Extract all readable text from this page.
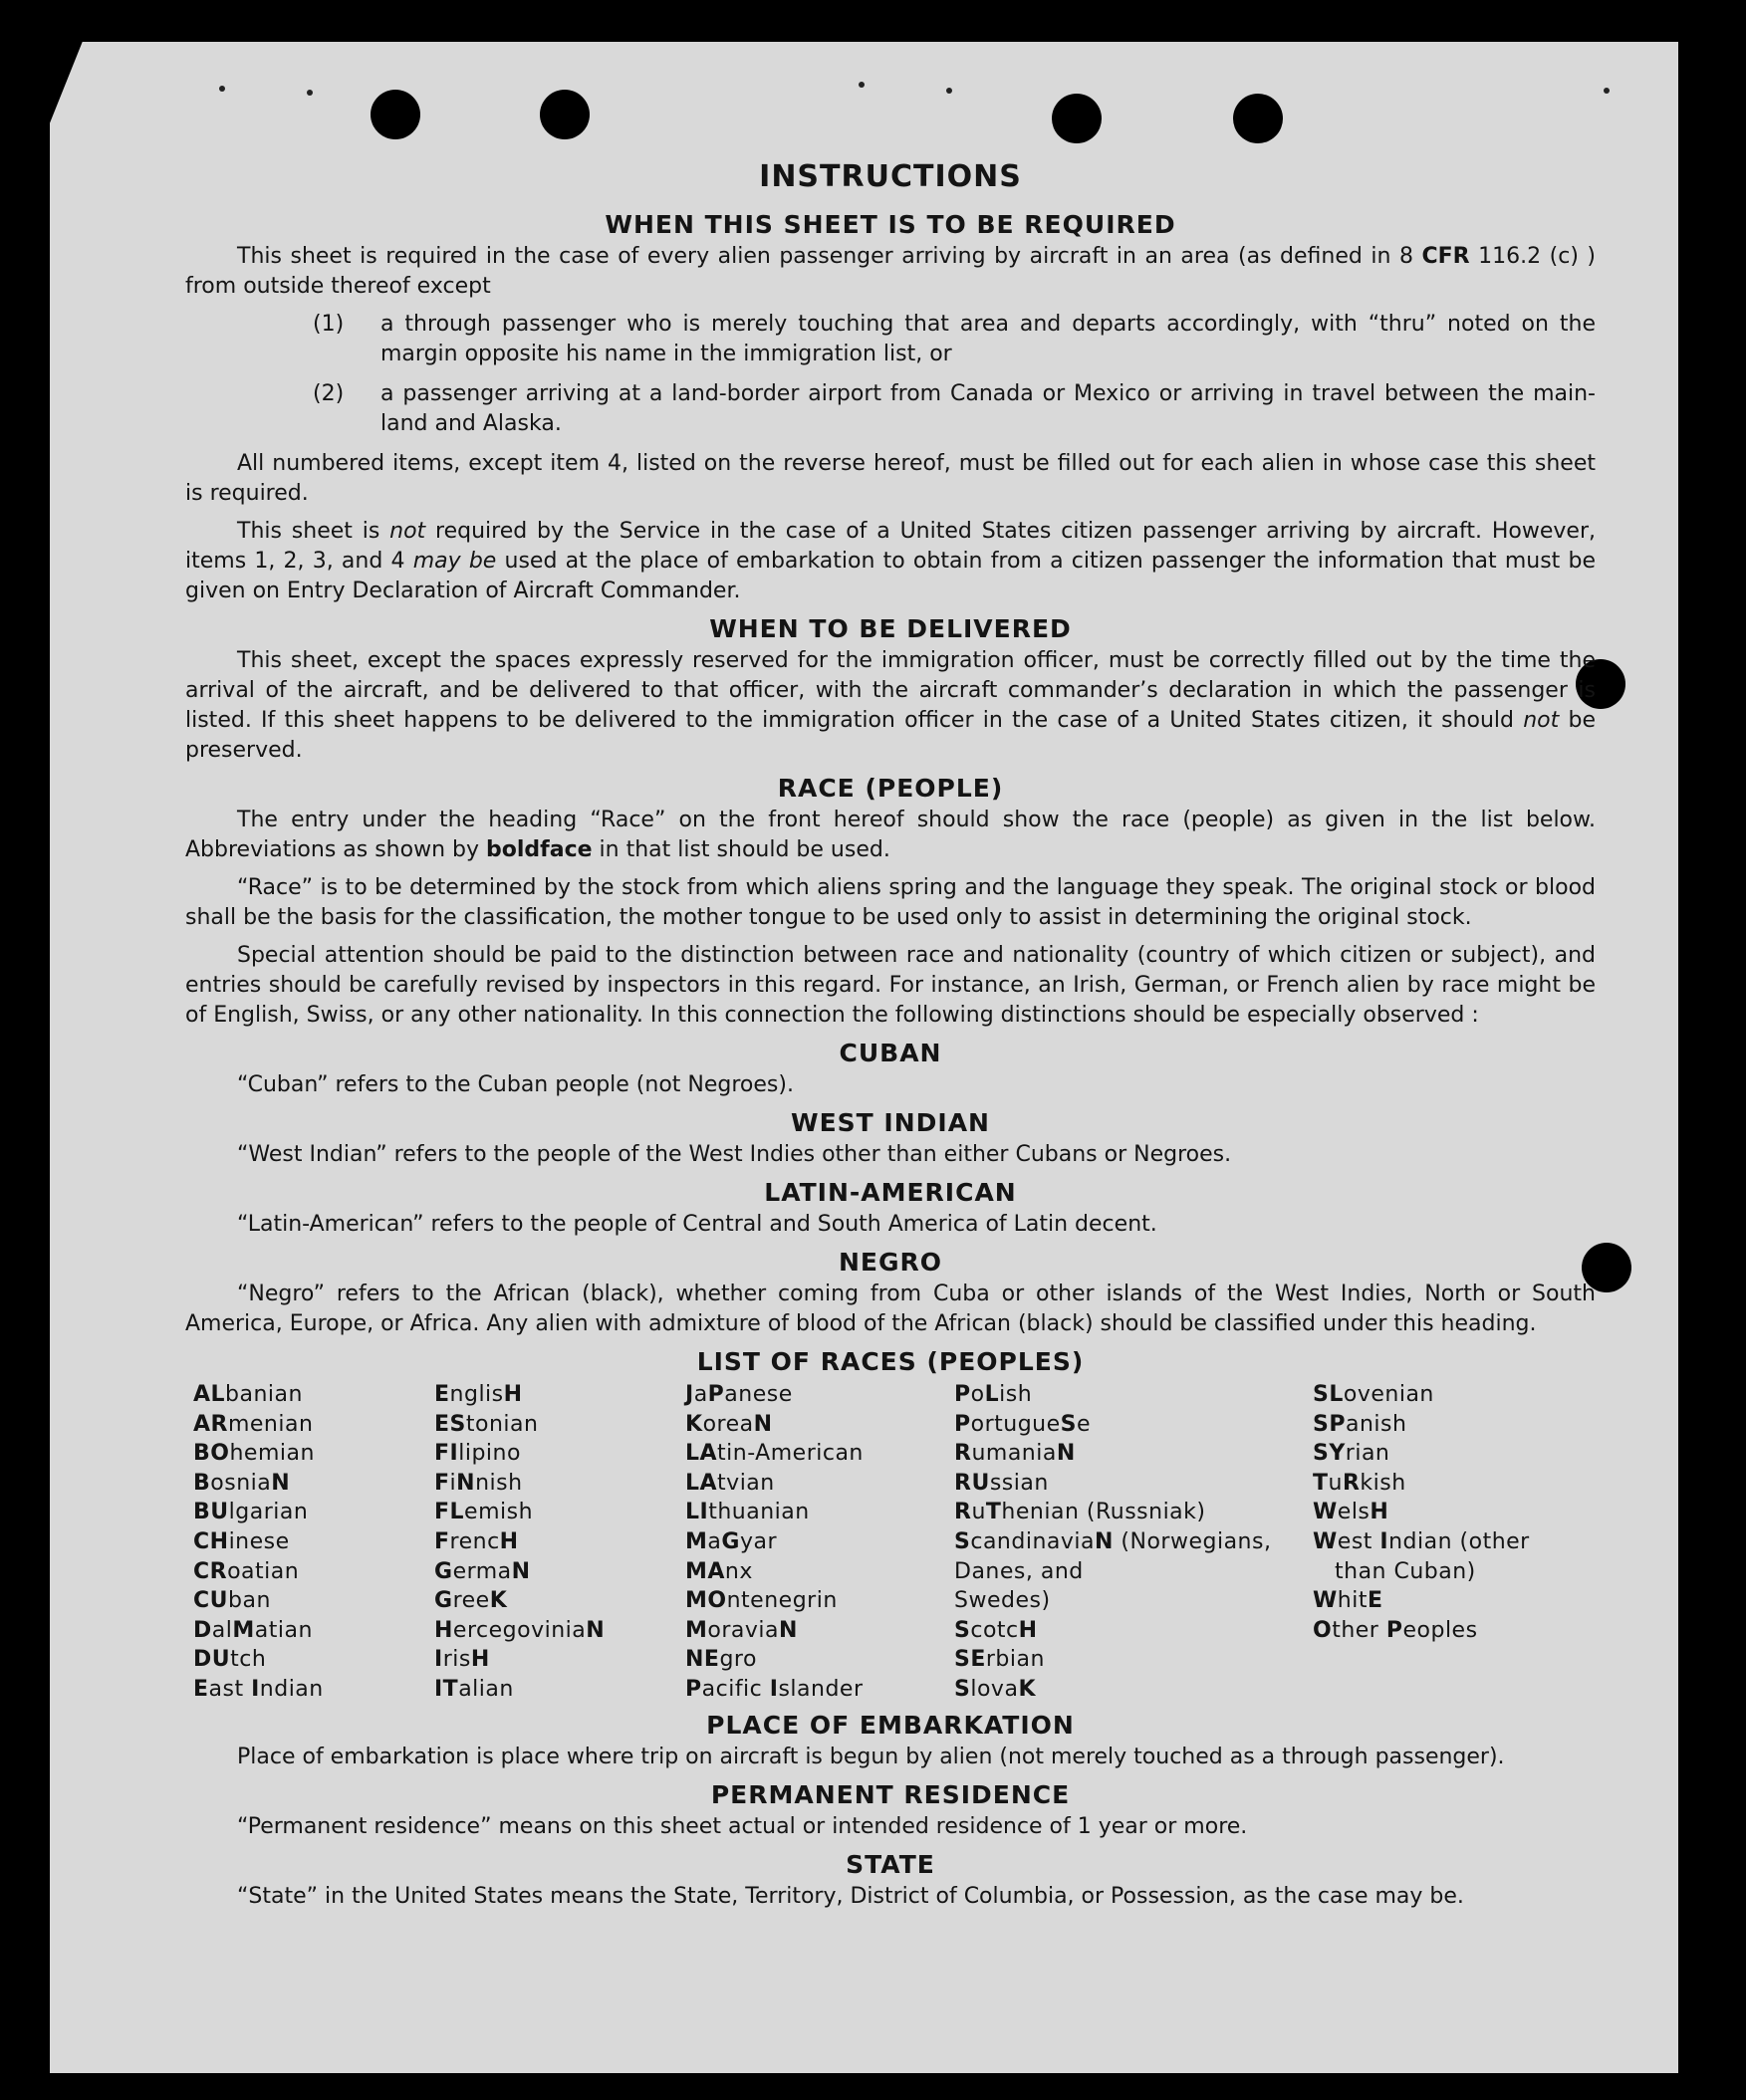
INSTRUCTIONS
WHEN THIS SHEET IS TO BE REQUIRED

This sheet is required in the case of every alien passenger arriving by aircraft in an area (as defined in 8 CFR 116.2 (c) ) from outside thereof except

(1)	a through passenger who is merely touching that area and departs accordingly, with “thru” noted on the margin opposite his name in the immigration list, or
(2)	a passenger arriving at a land-border airport from Canada or Mexico or arriving in travel between the main-land and Alaska.

All numbered items, except item 4, listed on the reverse hereof, must be filled out for each alien in whose case this sheet is required.

This sheet is not required by the Service in the case of a United States citizen passenger arriving by aircraft. However, items 1, 2, 3, and 4 may be used at the place of embarkation to obtain from a citizen passenger the information that must be given on Entry Declaration of Aircraft Commander.

WHEN TO BE DELIVERED

This sheet, except the spaces expressly reserved for the immigration officer, must be correctly filled out by the time the arrival of the aircraft, and be delivered to that officer, with the aircraft commander’s declaration in which the passenger is listed. If this sheet happens to be delivered to the immigration officer in the case of a United States citizen, it should not be preserved.

RACE (PEOPLE)

The entry under the heading “Race” on the front hereof should show the race (people) as given in the list below. Abbreviations as shown by boldface in that list should be used.

“Race” is to be determined by the stock from which aliens spring and the language they speak. The original stock or blood shall be the basis for the classification, the mother tongue to be used only to assist in determining the original stock.

Special attention should be paid to the distinction between race and nationality (country of which citizen or subject), and entries should be carefully revised by inspectors in this regard. For instance, an Irish, German, or French alien by race might be of English, Swiss, or any other nationality. In this connection the following distinctions should be especially observed :

CUBAN

“Cuban” refers to the Cuban people (not Negroes).

WEST INDIAN

“West Indian” refers to the people of the West Indies other than either Cubans or Negroes.

LATIN-AMERICAN

“Latin-American” refers to the people of Central and South America of Latin decent.

NEGRO

“Negro” refers to the African (black), whether coming from Cuba or other islands of the West Indies, North or South America, Europe, or Africa. Any alien with admixture of blood of the African (black) should be classified under this heading.

LIST OF RACES (PEOPLES)
ALbanian
ARmenian
BOhemian
BosniaN
BUlgarian
CHinese
CRoatian
CUban
DalMatian
DUtch
East Indian
EnglisH
EStonian
FIlipino
FiNnish
FLemish
FrencH
GermaN
GreeK
HercegoviniaN
IrisH
ITalian
JaPanese
KoreaN
LAtin-American
LAtvian
LIthuanian
MaGyar
MAnx
MOntenegrin
MoraviaN
NEgro
Pacific Islander
PoLish
PortugueSe
RumaniaN
RUssian
RuThenian (Russniak)
ScandinaviaN (Norwegians,
Danes, and
Swedes)
ScotcH
SErbian
SlovaK
SLovenian
SPanish
SYrian
TuRkish
WelsH
West Indian (other
than Cuban)
WhitE
Other Peoples
PLACE OF EMBARKATION

Place of embarkation is place where trip on aircraft is begun by alien (not merely touched as a through passenger).

PERMANENT RESIDENCE

“Permanent residence” means on this sheet actual or intended residence of 1 year or more.

STATE

“State” in the United States means the State, Territory, District of Columbia, or Possession, as the case may be.
